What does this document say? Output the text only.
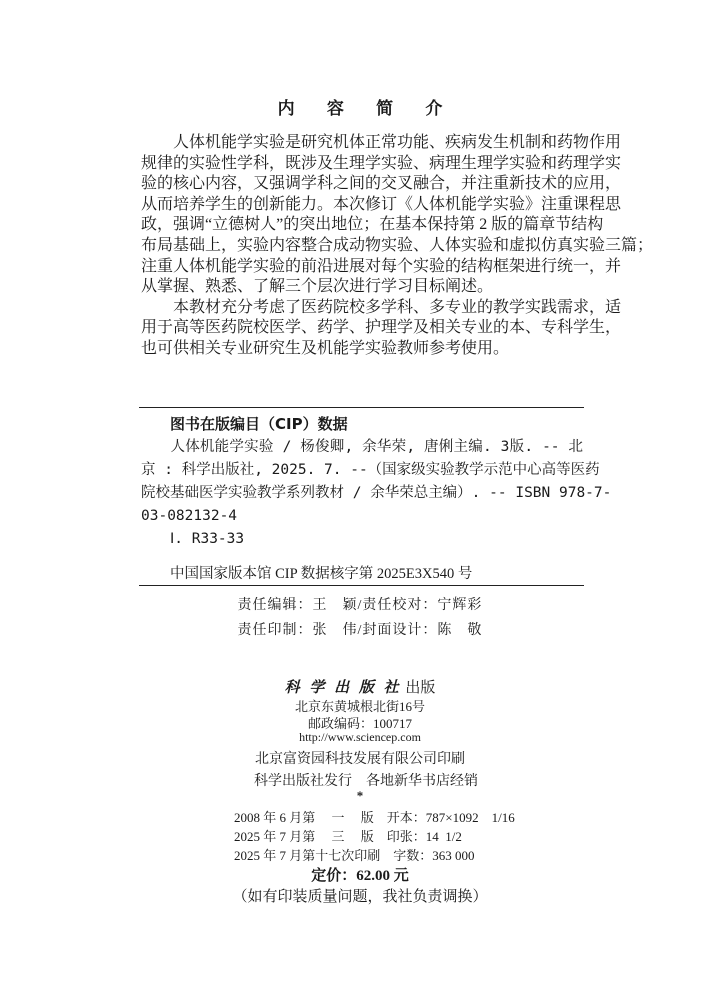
内 容 简 介
　　人体机能学实验是研究机体正常功能、疾病发生机制和药物作用
规律的实验性学科，既涉及生理学实验、病理生理学实验和药理学实
验的核心内容，又强调学科之间的交叉融合，并注重新技术的应用，
从而培养学生的创新能力。本次修订《人体机能学实验》注重课程思
政，强调“立德树人”的突出地位；在基本保持第 2 版的篇章节结构
布局基础上，实验内容整合成动物实验、人体实验和虚拟仿真实验三篇；
注重人体机能学实验的前沿进展对每个实验的结构框架进行统一，并
从掌握、熟悉、了解三个层次进行学习目标阐述。
　　本教材充分考虑了医药院校多学科、多专业的教学实践需求，适
用于高等医药院校医学、药学、护理学及相关专业的本、专科学生，
也可供相关专业研究生及机能学实验教师参考使用。
图书在版编目（CIP）数据
　　人体机能学实验 / 杨俊卿, 余华荣, 唐俐主编. 3版. -- 北
京 : 科学出版社, 2025. 7. --（国家级实验教学示范中心高等医药
院校基础医学实验教学系列教材 / 余华荣总主编）. -- ISBN 978-7-
03-082132-4
Ⅰ. R33-33
中国国家版本馆 CIP 数据核字第 2025E3X540 号
责任编辑：王　颖/责任校对：宁辉彩
责任印制：张　伟/封面设计：陈　敬
科 学 出 版 社 出版
北京东黄城根北街16号
邮政编码：100717
http://www.sciencep.com
北京富资园科技发展有限公司印刷
科学出版社发行　各地新华书店经销
*
2008 年 6 月第　 一　 版　开本：787×1092　1/16
2025 年 7 月第　 三　 版　印张：14  1/2
2025 年 7 月第十七次印刷　字数：363 000
定价：62.00 元
（如有印装质量问题，我社负责调换）
